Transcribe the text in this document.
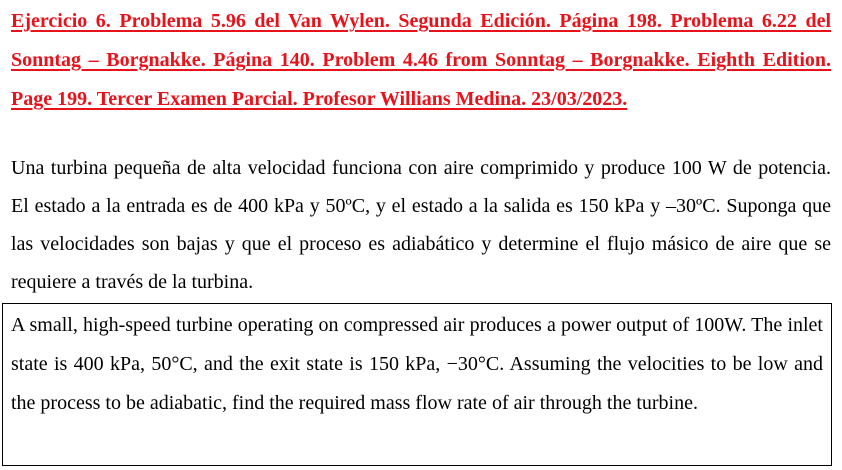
Ejercicio 6. Problema 5.96 del Van Wylen. Segunda Edición. Página 198. Problema 6.22 del Sonntag – Borgnakke. Página 140. Problem 4.46 from Sonntag – Borgnakke. Eighth Edition. Page 199. Tercer Examen Parcial. Profesor Willians Medina. 23/03/2023.

Una turbina pequeña de alta velocidad funciona con aire comprimido y produce 100 W de potencia. El estado a la entrada es de 400 kPa y 50ºC, y el estado a la salida es 150 kPa y –30ºC. Suponga que las velocidades son bajas y que el proceso es adiabático y determine el flujo másico de aire que se requiere a través de la turbina.

A small, high-speed turbine operating on compressed air produces a power output of 100W. The inlet state is 400 kPa, 50°C, and the exit state is 150 kPa, −30°C. Assuming the velocities to be low and the process to be adiabatic, find the required mass flow rate of air through the turbine.
